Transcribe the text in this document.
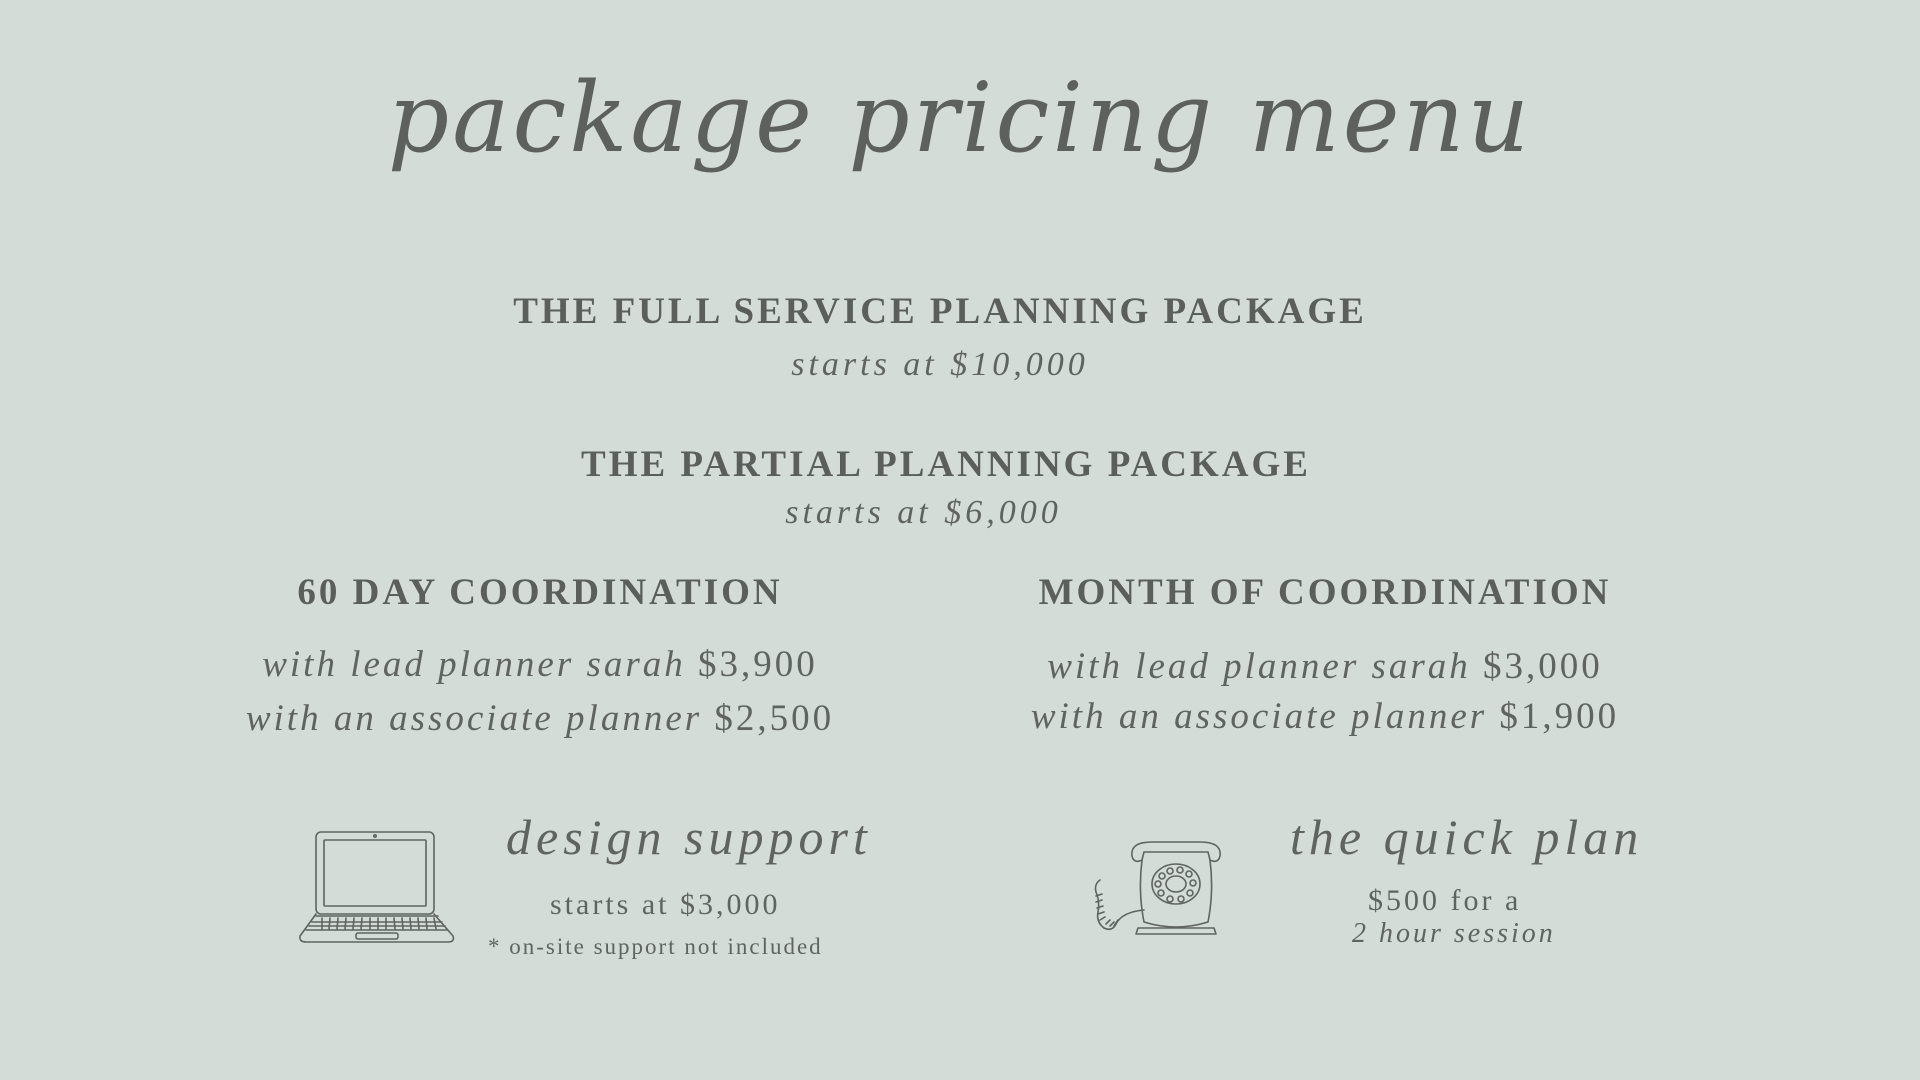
package pricing menu
THE FULL SERVICE PLANNING PACKAGE
starts at $10,000
THE PARTIAL PLANNING PACKAGE
starts at $6,000
60 DAY COORDINATION
with lead planner sarah $3,900
with an associate planner $2,500
MONTH OF COORDINATION
with lead planner sarah $3,000
with an associate planner $1,900
design support
starts at $3,000
* on-site support not included
the quick plan
$500 for a
2 hour session
